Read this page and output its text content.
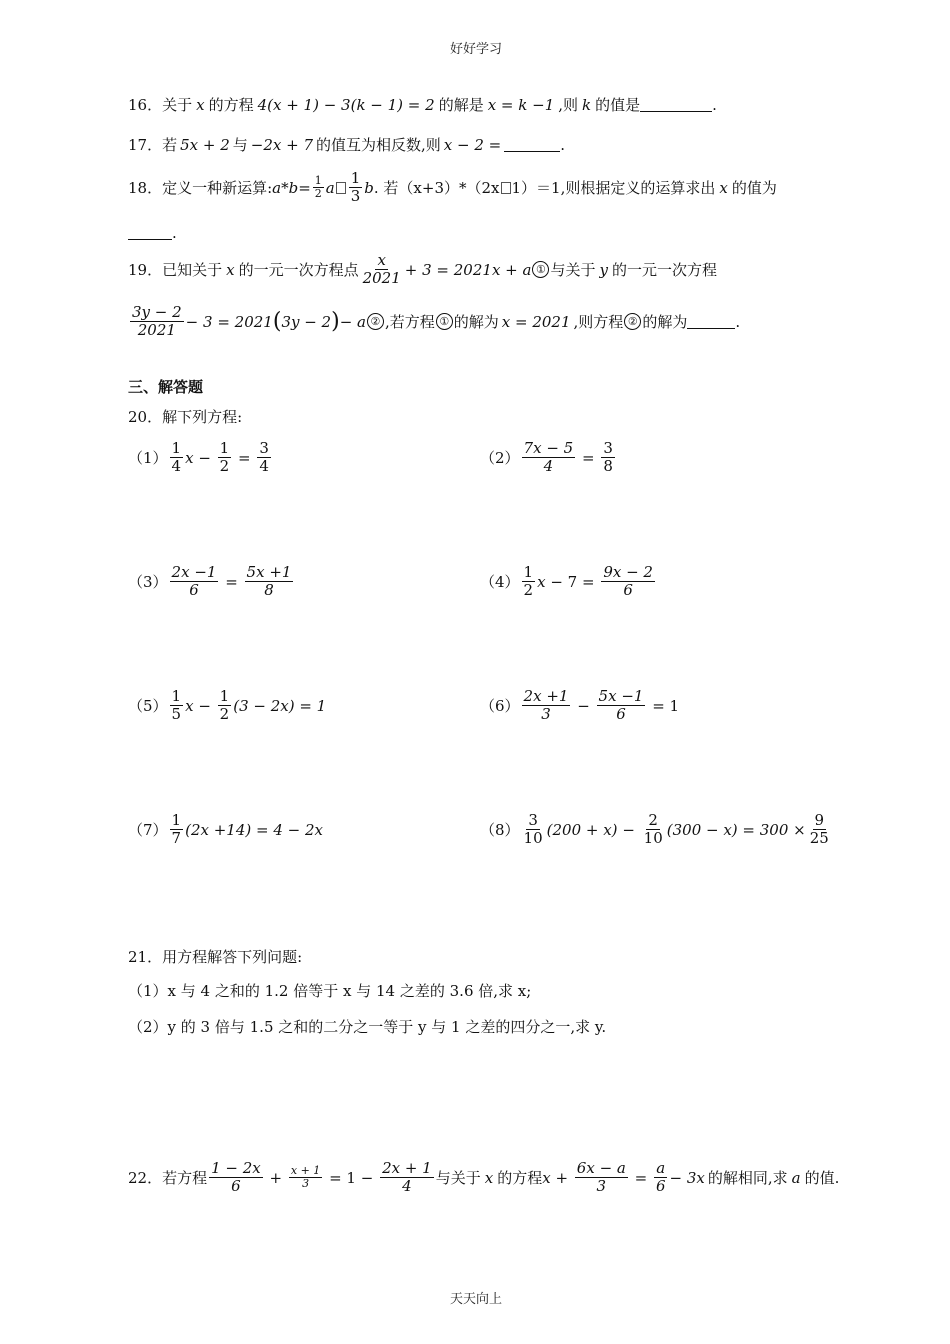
好好学习
16． 关于 x 的方程 4(x + 1) − 3(k − 1) = 2 的解是 x = k −1 ,则 k 的值是	.
17． 若 5x + 2 与 −2x + 7 的值互为相反数,则 x − 2 =	.
18． 定义一种新运算: $a*b= \frac{1}{2}$ a $\frac{1}{3}$ b . 若（x+3）*（2x 1）＝1,则根据定义的运算求出 x 的值为
.
19． 已知关于 x 的一元一次方程点 $\frac{x}{2021} + 3 = 2021x + a$ ① 与关于 y 的一元一次方程
$\frac{3y - 2}{2021} - 3 = 2021$ ( 3y − 2 ) − a ② ,若方程 ① 的解为 x = 2021 ,则方程 ② 的解为	.
三、解答题
20．解下列方程:
$(1) \frac{1}{4}$ $x - \frac{1}{2} = \frac{3}{4}$	$(2) \frac{7x - 5}{4} = \frac{3}{8}$
$(3) \frac{2x -1}{6} = \frac{5x +1}{8}$	$(4) \frac{1}{2}$ $x - 7 = \frac{9x - 2}{6}$
$(5) \frac{1}{5}$ $x - \frac{1}{2} (3 - 2x) = 1$	$(6) \frac{2x +1}{3} - \frac{5x -1}{6} = 1$
$(7) \frac{1}{7} (2x +14) = 4 - 2x$	$(8) \frac{3}{10} (200 + x) - \frac{2}{10} (300 - x) = 300 \times \frac{9}{25}$
21．用方程解答下列问题:
（1）x 与 4 之和的 1.2 倍等于 x 与 14 之差的 3.6 倍,求 x;
（2）y 的 3 倍与 1.5 之和的二分之一等于 y 与 1 之差的四分之一,求 y.
22． 若方程 $\frac{1 - 2x}{6} + \frac{x + 1}{3} = 1 - \frac{2x + 1}{4}$ 与关于 x 的方程 $x + \frac{6x - a}{3} = \frac{a}{6} - 3x$ 的解相同,求 a 的值.
天天向上
